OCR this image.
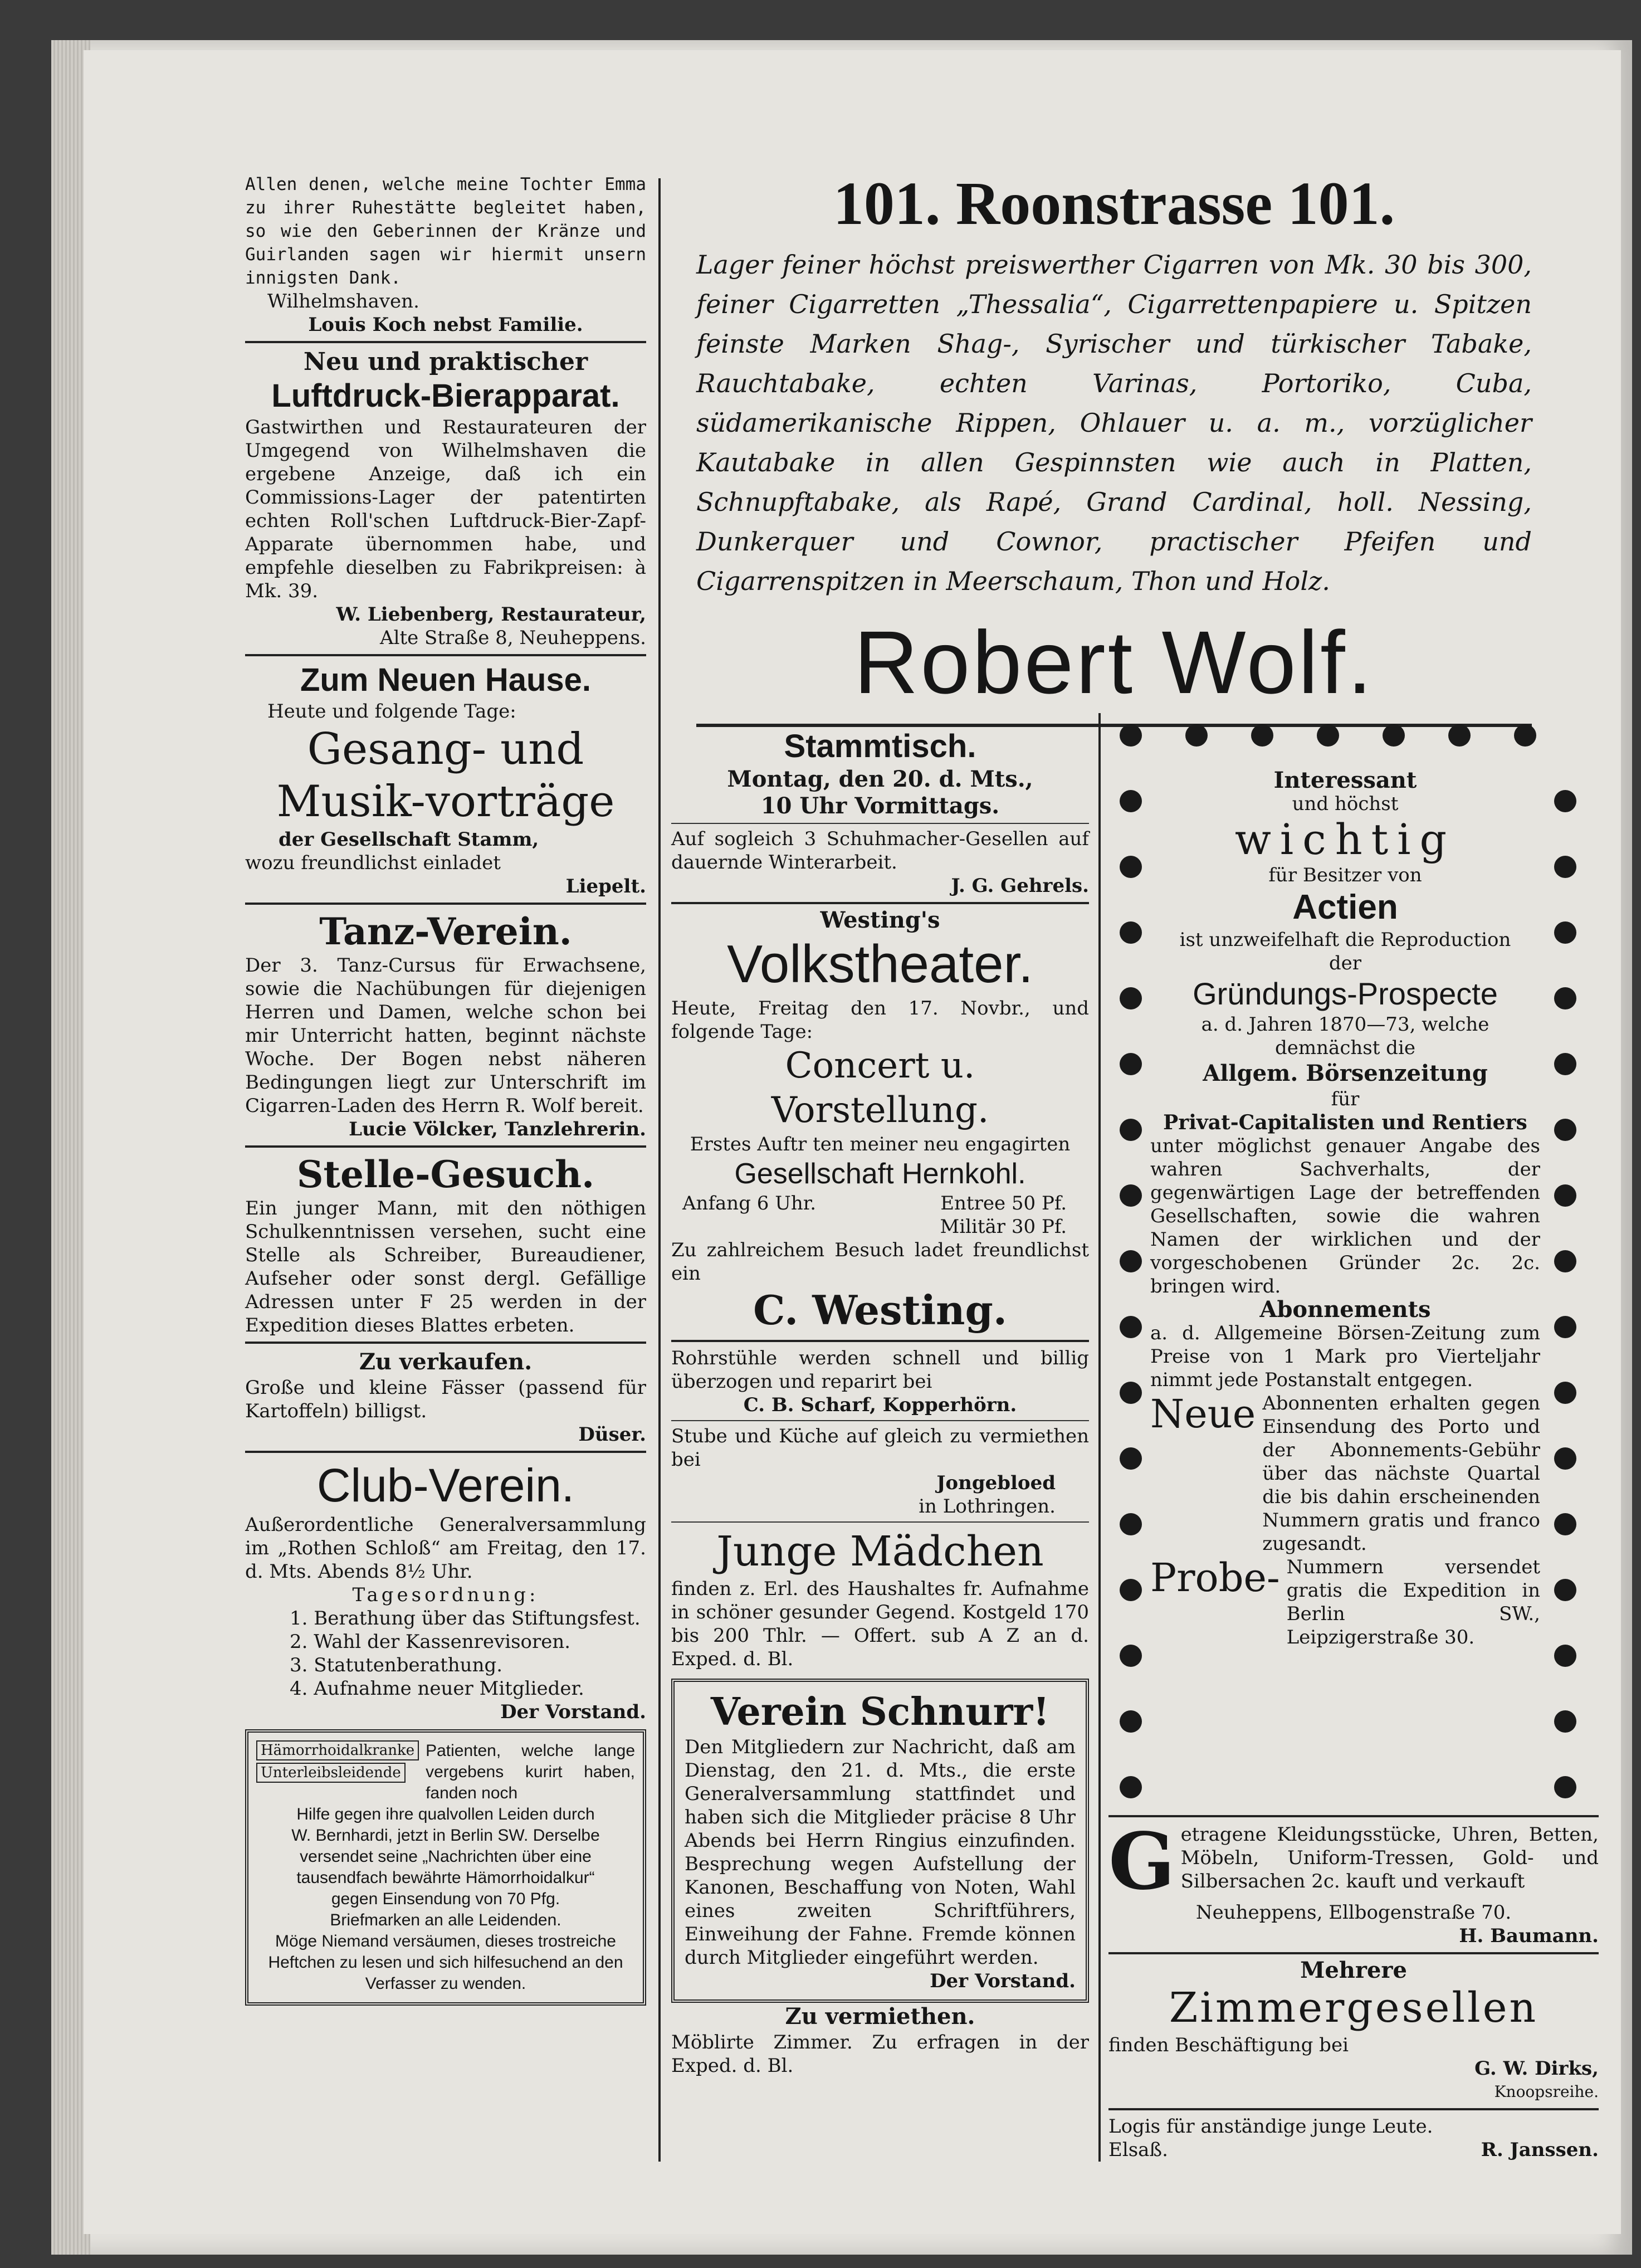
Allen denen, welche meine Tochter Emma zu ihrer Ruhestätte begleitet haben, so wie den Geberinnen der Kränze und Guirlanden sagen wir hiermit unsern innigsten Dank.

Wilhelmshaven.

Louis Koch nebst Familie.

Neu und praktischer

Luftdruck-Bierapparat.

Gastwirthen und Restaurateuren der Umgegend von Wilhelmshaven die ergebene Anzeige, daß ich ein Commissions-Lager der patentirten echten Roll'schen Luftdruck-Bier-Zapf-Apparate übernommen habe, und empfehle dieselben zu Fabrikpreisen: à Mk. 39.

W. Liebenberg, Restaurateur,

Alte Straße 8, Neuheppens.

Zum Neuen Hause.

Heute und folgende Tage:

Gesang- und Musik-vorträge

der Gesellschaft Stamm,

wozu freundlichst einladet

Liepelt.

Tanz-Verein.

Der 3. Tanz-Cursus für Erwachsene, sowie die Nachübungen für diejenigen Herren und Damen, welche schon bei mir Unterricht hatten, beginnt nächste Woche. Der Bogen nebst näheren Bedingungen liegt zur Unterschrift im Cigarren-Laden des Herrn R. Wolf bereit.

Lucie Völcker, Tanzlehrerin.

Stelle-Gesuch.

Ein junger Mann, mit den nöthigen Schulkenntnissen versehen, sucht eine Stelle als Schreiber, Bureaudiener, Aufseher oder sonst dergl. Gefällige Adressen unter F 25 werden in der Expedition dieses Blattes erbeten.

Zu verkaufen.

Große und kleine Fässer (passend für Kartoffeln) billigst.

Düser.

Club-Verein.

Außerordentliche Generalversammlung im „Rothen Schloß“ am Freitag, den 17. d. Mts. Abends 8½ Uhr.

Tagesordnung:

1. Berathung über das Stiftungsfest.

2. Wahl der Kassenrevisoren.

3. Statutenberathung.

4. Aufnahme neuer Mitglieder.

Der Vorstand.

Hämorrhoidalkranke
Unterleibsleidende

Patienten, welche lange vergebens kurirt haben, fanden noch

Hilfe gegen ihre qualvollen Leiden durch W. Bernhardi, jetzt in Berlin SW. Derselbe versendet seine „Nachrichten über eine tausendfach bewährte Hämorrhoidalkur“ gegen Einsendung von 70 Pfg. Briefmarken an alle Leidenden.

Möge Niemand versäumen, dieses trostreiche Heftchen zu lesen und sich hilfesuchend an den Verfasser zu wenden.

101. Roonstrasse 101.

Lager feiner höchst preiswerther Cigarren von Mk. 30 bis 300, feiner Cigarretten „Thessalia“, Cigarrettenpapiere u. Spitzen feinste Marken Shag-, Syrischer und türkischer Tabake, Rauchtabake, echten Varinas, Portoriko, Cuba, südamerikanische Rippen, Ohlauer u. a. m., vorzüglicher Kautabake in allen Gespinnsten wie auch in Platten, Schnupftabake, als Rapé, Grand Cardinal, holl. Nessing, Dunkerquer und Cownor, practischer Pfeifen und Cigarrenspitzen in Meerschaum, Thon und Holz.

Robert Wolf.

Stammtisch.

Montag, den 20. d. Mts.,

10 Uhr Vormittags.

Auf sogleich 3 Schuhmacher-Gesellen auf dauernde Winterarbeit.

J. G. Gehrels.

Westing's

Volkstheater.

Heute, Freitag den 17. Novbr., und folgende Tage:

Concert u. Vorstellung.

Erstes Auftr ten meiner neu engagirten

Gesellschaft Hernkohl.

Anfang 6 Uhr.	Entree 50 Pf.

Militär 30 Pf.

Zu zahlreichem Besuch ladet freundlichst ein

C. Westing.

Rohrstühle werden schnell und billig überzogen und reparirt bei

C. B. Scharf, Kopperhörn.

Stube und Küche auf gleich zu vermiethen bei

Jongebloed

in Lothringen.

Junge Mädchen

finden z. Erl. des Haushaltes fr. Aufnahme in schöner gesunder Gegend. Kostgeld 170 bis 200 Thlr. — Offert. sub A Z an d. Exped. d. Bl.

Verein Schnurr!

Den Mitgliedern zur Nachricht, daß am Dienstag, den 21. d. Mts., die erste Generalversammlung stattfindet und haben sich die Mitglieder präcise 8 Uhr Abends bei Herrn Ringius einzufinden. Besprechung wegen Aufstellung der Kanonen, Beschaffung von Noten, Wahl eines zweiten Schriftführers, Einweihung der Fahne. Fremde können durch Mitglieder eingeführt werden.

Der Vorstand.

Zu vermiethen.

Möblirte Zimmer. Zu erfragen in der Exped. d. Bl.

Interessant

und höchst

wichtig

für Besitzer von

Actien

ist unzweifelhaft die Reproduction

der

Gründungs-Prospecte

a. d. Jahren 1870—73, welche

demnächst die

Allgem. Börsenzeitung

für

Privat-Capitalisten und Rentiers

unter möglichst genauer Angabe des wahren Sachverhalts, der gegenwärtigen Lage der betreffenden Gesellschaften, sowie die wahren Namen der wirklichen und der vorgeschobenen Gründer 2c. 2c. bringen wird.

Abonnements

a. d. Allgemeine Börsen-Zeitung zum Preise von 1 Mark pro Vierteljahr nimmt jede Postanstalt entgegen.

Neue Abonnenten erhalten gegen Einsendung des Porto und der Abonnements-Gebühr über das nächste Quartal die bis dahin erscheinenden Nummern gratis und franco zugesandt.

Probe- Nummern versendet gratis die Expedition in Berlin SW., Leipzigerstraße 30.

G etragene Kleidungsstücke, Uhren, Betten, Möbeln, Uniform-Tressen, Gold- und Silbersachen 2c. kauft und verkauft

Neuheppens, Ellbogenstraße 70.

H. Baumann.

Mehrere

Zimmergesellen

finden Beschäftigung bei

G. W. Dirks,

Knoopsreihe.

Logis für anständige junge Leute.

Elsaß.	R. Janssen.
